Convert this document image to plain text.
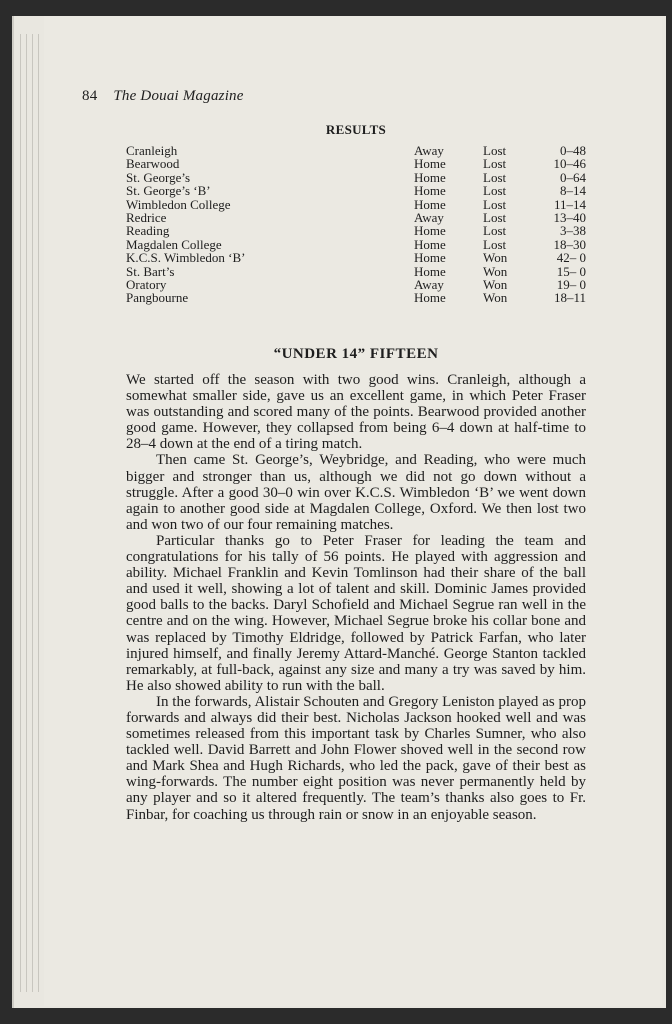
84 The Douai Magazine
RESULTS
Cranleigh	Away	Lost	0–48
Bearwood	Home	Lost	10–46
St. George’s	Home	Lost	0–64
St. George’s ‘B’	Home	Lost	8–14
Wimbledon College	Home	Lost	11–14
Redrice	Away	Lost	13–40
Reading	Home	Lost	3–38
Magdalen College	Home	Lost	18–30
K.C.S. Wimbledon ‘B’	Home	Won	42– 0
St. Bart’s	Home	Won	15– 0
Oratory	Away	Won	19– 0
Pangbourne	Home	Won	18–11
“UNDER 14” FIFTEEN

We started off the season with two good wins. Cranleigh, although a somewhat smaller side, gave us an excellent game, in which Peter Fraser was outstanding and scored many of the points. Bearwood provided another good game. However, they collapsed from being 6–4 down at half-time to 28–4 down at the end of a tiring match.

Then came St. George’s, Weybridge, and Reading, who were much bigger and stronger than us, although we did not go down without a struggle. After a good 30–0 win over K.C.S. Wimbledon ‘B’ we went down again to another good side at Magdalen College, Oxford. We then lost two and won two of our four remaining matches.

Particular thanks go to Peter Fraser for leading the team and congratulations for his tally of 56 points. He played with aggression and ability. Michael Franklin and Kevin Tomlinson had their share of the ball and used it well, showing a lot of talent and skill. Dominic James provided good balls to the backs. Daryl Schofield and Michael Segrue ran well in the centre and on the wing. However, Michael Segrue broke his collar bone and was replaced by Timothy Eldridge, followed by Patrick Farfan, who later injured himself, and finally Jeremy Attard-Manché. George Stanton tackled remarkably, at full-back, against any size and many a try was saved by him. He also showed ability to run with the ball.

In the forwards, Alistair Schouten and Gregory Leniston played as prop forwards and always did their best. Nicholas Jackson hooked well and was sometimes released from this important task by Charles Sumner, who also tackled well. David Barrett and John Flower shoved well in the second row and Mark Shea and Hugh Richards, who led the pack, gave of their best as wing-forwards. The number eight position was never permanently held by any player and so it altered frequently. The team’s thanks also goes to Fr. Finbar, for coaching us through rain or snow in an enjoyable season.
